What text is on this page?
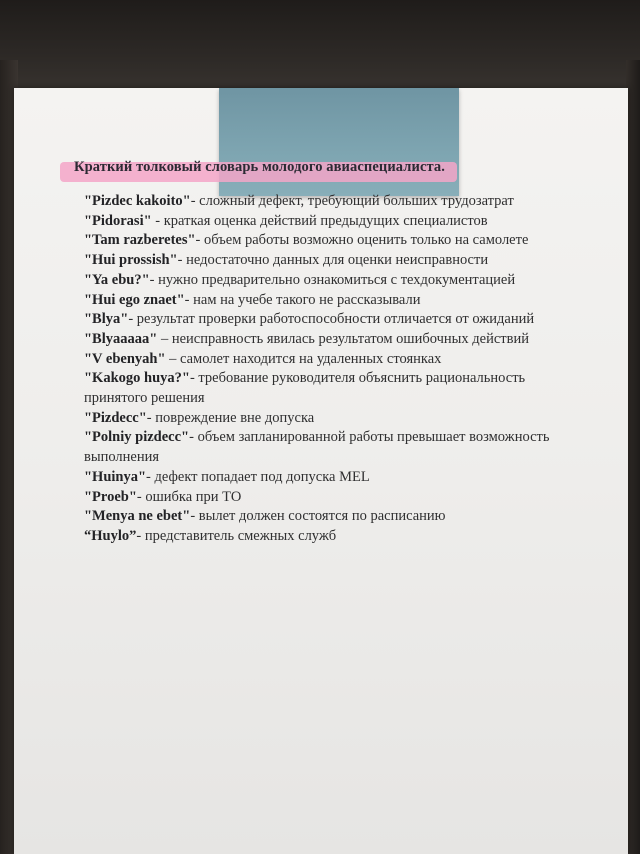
Краткий толковый словарь молодого авиаспециалиста.
"Pizdec kakoito"- сложный дефект, требующий больших трудозатрат
"Pidorasi" - краткая оценка действий предыдущих специалистов
"Tam razberetes"- объем работы возможно оценить только на самолете
"Hui prossish"- недостаточно данных для оценки неисправности
"Ya ebu?"- нужно предварительно ознакомиться с техдокументацией
"Hui ego znaet"- нам на учебе такого не рассказывали
"Blya"- результат проверки работоспособности отличается от ожиданий
"Blyaaaaa" – неисправность явилась результатом ошибочных действий
"V ebenyah" – самолет находится на удаленных стоянках
"Kakogo huya?"- требование руководителя объяснить рациональность принятого решения
"Pizdecc"- повреждение вне допуска
"Polniy pizdecc"- объем запланированной работы превышает возможность выполнения
"Huinya"- дефект попадает под допуска MEL
"Proeb"- ошибка при ТО
"Menya ne ebet"- вылет должен состоятся по расписанию
“Huylo”- представитель смежных служб
